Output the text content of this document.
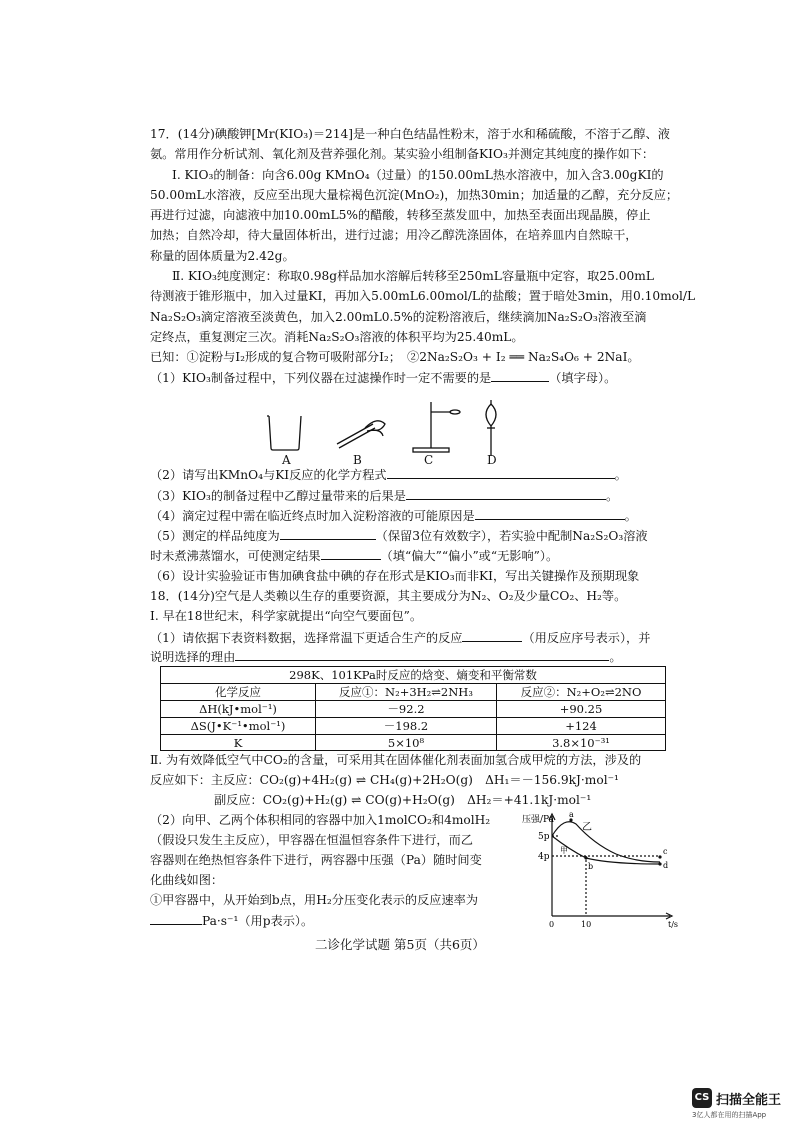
17．(14分)碘酸钾[Mr(KIO₃)＝214]是一种白色结晶性粉末，溶于水和稀硫酸，不溶于乙醇、液
氨。常用作分析试剂、氧化剂及营养强化剂。某实验小组制备KIO₃并测定其纯度的操作如下：
Ⅰ. KIO₃的制备：向含6.00g KMnO₄（过量）的150.00mL热水溶液中，加入含3.00gKI的
50.00mL水溶液，反应至出现大量棕褐色沉淀(MnO₂)，加热30min；加适量的乙醇，充分反应；
再进行过滤，向滤液中加10.00mL5%的醋酸，转移至蒸发皿中，加热至表面出现晶膜，停止
加热；自然冷却，待大量固体析出，进行过滤；用冷乙醇洗涤固体，在培养皿内自然晾干，
称量的固体质量为2.42g。
Ⅱ. KIO₃纯度测定：称取0.98g样品加水溶解后转移至250mL容量瓶中定容，取25.00mL
待测液于锥形瓶中，加入过量KI，再加入5.00mL6.00mol/L的盐酸；置于暗处3min，用0.10mol/L
Na₂S₂O₃滴定溶液至淡黄色，加入2.00mL0.5%的淀粉溶液后，继续滴加Na₂S₂O₃溶液至滴
定终点，重复测定三次。消耗Na₂S₂O₃溶液的体积平均为25.40mL。
已知：①淀粉与I₂形成的复合物可吸附部分I₂；　②2Na₂S₂O₃ + I₂ ══ Na₂S₄O₆ + 2NaI。
（1）KIO₃制备过程中，下列仪器在过滤操作时一定不需要的是	（填字母）。
A	B	C	D
（2）请写出KMnO₄与KI反应的化学方程式	。
（3）KIO₃的制备过程中乙醇过量带来的后果是	。
（4）滴定过程中需在临近终点时加入淀粉溶液的可能原因是	。
（5）测定的样品纯度为	（保留3位有效数字），若实验中配制Na₂S₂O₃溶液
时未煮沸蒸馏水，可使测定结果	（填“偏大”“偏小”或“无影响”）。
（6）设计实验验证市售加碘食盐中碘的存在形式是KIO₃而非KI，写出关键操作及预期现象
18．(14分)空气是人类赖以生存的重要资源，其主要成分为N₂、O₂及少量CO₂、H₂等。
Ⅰ. 早在18世纪末，科学家就提出“向空气要面包”。
（1）请依据下表资料数据，选择常温下更适合生产的反应	（用反应序号表示），并
说明选择的理由	。
298K、101KPa时反应的焓变、熵变和平衡常数		
化学反应	反应①：N₂+3H₂⇌2NH₃	反应②：N₂+O₂⇌2NO
ΔH(kJ•mol⁻¹)	－92.2	+90.25
ΔS(J•K⁻¹•mol⁻¹)	－198.2	+124
K	5×10⁸	3.8×10⁻³¹
Ⅱ. 为有效降低空气中CO₂的含量，可采用其在固体催化剂表面加氢合成甲烷的方法，涉及的
反应如下：主反应：CO₂(g)+4H₂(g) ⇌ CH₄(g)+2H₂O(g)　ΔH₁＝－156.9kJ·mol⁻¹
副反应：CO₂(g)+H₂(g) ⇌ CO(g)+H₂O(g)　ΔH₂＝+41.1kJ·mol⁻¹
（2）向甲、乙两个体积相同的容器中加入1molCO₂和4molH₂
（假设只发生主反应），甲容器在恒温恒容条件下进行，而乙
容器则在绝热恒容条件下进行，两容器中压强（Pa）随时间变
化曲线如图：
①甲容器中，从开始到b点，用H₂分压变化表示的反应速率为
Pa·s⁻¹（用p表示）。
压强/Pa
5p
4p
0	10	t/s
乙
甲
a
b
c
d
二诊化学试题 第5页（共6页）
CS 扫描全能王
3亿人都在用的扫描App
